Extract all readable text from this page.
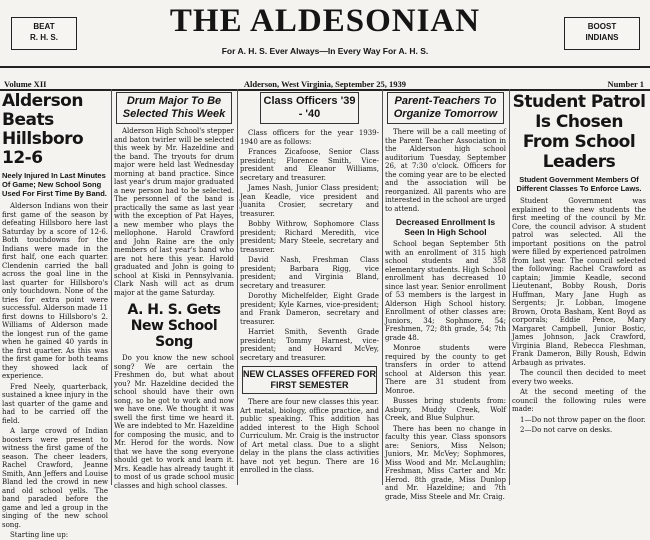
BEAT
R. H. S.
BOOST
INDIANS
THE ALDESONIAN
For A. H. S. Ever Always—In Every Way For A. H. S.
Volume XII	Alderson, West Virginia, September 25, 1939	Number 1
Alderson Beats Hillsboro 12-6
Neely Injured In Last Minutes Of Game; New School Song Used For First Time By Band.

Alderson Indians won their first game of the season by defeating Hillsboro here last Saturday by a score of 12-6. Both touchdowns for the Indians were made in the first half, one each quarter. Clendenin carried the ball across the goal line in the last quarter for Hillsboro's only touchdown. None of the tries for extra point were successful. Alderson made 11 first downs to Hillsboro's 2. Williams of Alderson made the longest run of the game when he gained 40 yards in the first quarter. As this was the first game for both teams they showed lack of experience.

Fred Neely, quarterback, sustained a knee injury in the last quarter of the game and had to be carried off the field.

A large crowd of Indian boosters were present to witness the first game of the season. The cheer leaders, Rachel Crawford, Jeanne Smith, Ann Jeffers and Louise Bland led the crowd in new and old school yells. The band paraded before the game and led a group in the singing of the new school song.

Starting line up:

Drum Major To Be Selected This Week

Alderson High School's stepper and baton twirler will be selected this week by Mr. Hazeldine and the band. The tryouts for drum major were held last Wednesday morning at band practice. Since last year's drum major graduated a new person had to be selected. The personnel of the band is practically the same as last year with the exception of Pat Hayes, a new member who plays the mellophone. Harold Crawford and John Raine are the only members of last year's band who are not here this year. Harold graduated and John is going to school at Kiski in Pennsylvania. Clark Nash will act as drum major at the game Saturday.

A. H. S. Gets New School Song

Do you know the new school song? We are certain the Freshmen do, but what about you? Mr. Hazeldine decided the school should have their own song, so he got to work and now we have one. We thought it was swell the first time we heard it. We are indebted to Mr. Hazeldine for composing the music, and to Mr. Herod for the words. Now that we have the song everyone should get to work and learn it. Mrs. Keadle has already taught it to most of us grade school music classes and high school classes.

Class Officers '39 - '40

Class officers for the year 1939-1940 are as follows:

Frances Zicafoose, Senior Class president; Florence Smith, Vice-president and Eleanor Williams, secretary and treasurer.

James Nash, Junior Class president; Jean Keadle, vice president and Juanita Crosier, secretary and treasurer.

Bobby Withrow, Sophomore Class president; Richard Meredith, vice president; Mary Steele, secretary and treasurer.

David Nash, Freshman Class president; Barbara Rigg, vice president; and Virginia Bland, secretary and treasurer.

Dorothy Michelfelder, Eight Grade president; Kyle Karnes, vice-president; and Frank Dameron, secretary and treasurer.

Harriet Smith, Seventh Grade president; Tommy Harnest, vice-president; and Howard McVey, secretary and treasurer.

NEW CLASSES OFFERED FOR FIRST SEMESTER

There are four new classes this year. Art metal, biology, office practice, and public speaking. This addition has added interest to the High School Curriculum. Mr. Craig is the instructor of Art metal class. Due to a slight delay in the plans the class activities have not yet begun. There are 16 enrolled in the class.

Parent-Teachers To Organize Tomorrow

There will be a call meeting of the Parent Teacher Association in the Alderson high school auditorium Tuesday, September 26, at 7:30 o'clock. Officers for the coming year are to be elected and the association will be reorganized. All parents who are interested in the school are urged to attend.

Decreased Enrollment Is Seen In High School

School began September 5th with an enrollment of 315 high school students and 358 elementary students. High School enrollment has decreased 10 since last year. Senior enrollment of 53 members is the largest in Alderson High School history. Enrollment of other classes are: Juniors, 34; Sophmore, 54; Freshmen, 72; 8th grade, 54; 7th grade 48.

Monroe students were required by the county to get transfers in order to attend school at Alderson this year. There are 31 student from Monroe.

Busses bring students from: Asbury, Muddy Creek, Wolf Creek, and Blue Sulphur.

There has been no change in faculty this year. Class sponsors are: Seniors, Miss Nelson; Juniors, Mr. McVey; Sophmores, Miss Wood and Mr. McLaughlin; Freshman, Miss Carter and Mr. Herod. 8th grade, Miss Dunlop and Mr. Hazeldine; and 7th grade, Miss Steele and Mr. Craig.

Student Patrol Is Chosen From School Leaders
Student Government Members Of Different Classes To Enforce Laws.

Student Government was explained to the new students the first meeting of the council by Mr. Core, the council advisor. A student patrol was selected. All the important positions on the patrol were filled by experienced patrolmen from last year. The council selected the following: Rachel Crawford as captain; Jimmie Keadle, second Lieutenant, Bobby Roush, Doris Huffman, Mary Jane Hugh as Sergents; Jr. Lobban, Imogene Brown, Orota Basham, Kent Boyd as corporals; Eddie Pence, Mary Margaret Campbell, Junior Bostic, James Johnson, Jack Crawford, Virginia Bland, Rebecca Fleshman, Frank Dameron, Billy Roush, Edwin Arbaugh as privates.

The council then decided to meet every two weeks.

At the second meeting of the council the following rules were made:

1—Do not throw paper on the floor.

2—Do not carve on desks.
